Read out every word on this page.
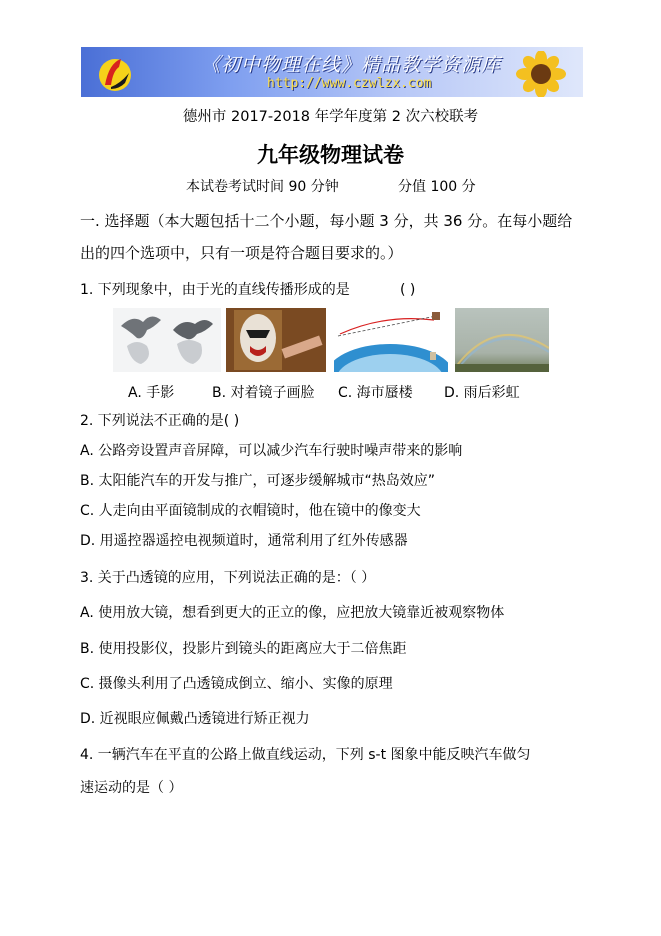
《初中物理在线》精品教学资源库
http://www.czwlzx.com
德州市 2017-2018 年学年度第 2 次六校联考
九年级物理试卷
本试卷考试时间 90 分钟	分值 100 分
一. 选择题（本大题包括十二个小题，每小题 3 分，共 36 分。在每小题给
出的四个选项中，只有一项是符合题目要求的。）
1. 下列现象中，由于光的直线传播形成的是	( )
A. 手影	B. 对着镜子画脸 C. 海市蜃楼 D. 雨后彩虹
2. 下列说法不正确的是( )
A. 公路旁设置声音屏障，可以减少汽车行驶时噪声带来的影响
B. 太阳能汽车的开发与推广，可逐步缓解城市“热岛效应”
C. 人走向由平面镜制成的衣帽镜时，他在镜中的像变大
D. 用遥控器遥控电视频道时，通常利用了红外传感器
3. 关于凸透镜的应用，下列说法正确的是：（ ）
A. 使用放大镜，想看到更大的正立的像，应把放大镜靠近被观察物体
B. 使用投影仪，投影片到镜头的距离应大于二倍焦距
C. 摄像头利用了凸透镜成倒立、缩小、实像的原理
D. 近视眼应佩戴凸透镜进行矫正视力
4. 一辆汽车在平直的公路上做直线运动，下列 s-t 图象中能反映汽车做匀
速运动的是（ ）
